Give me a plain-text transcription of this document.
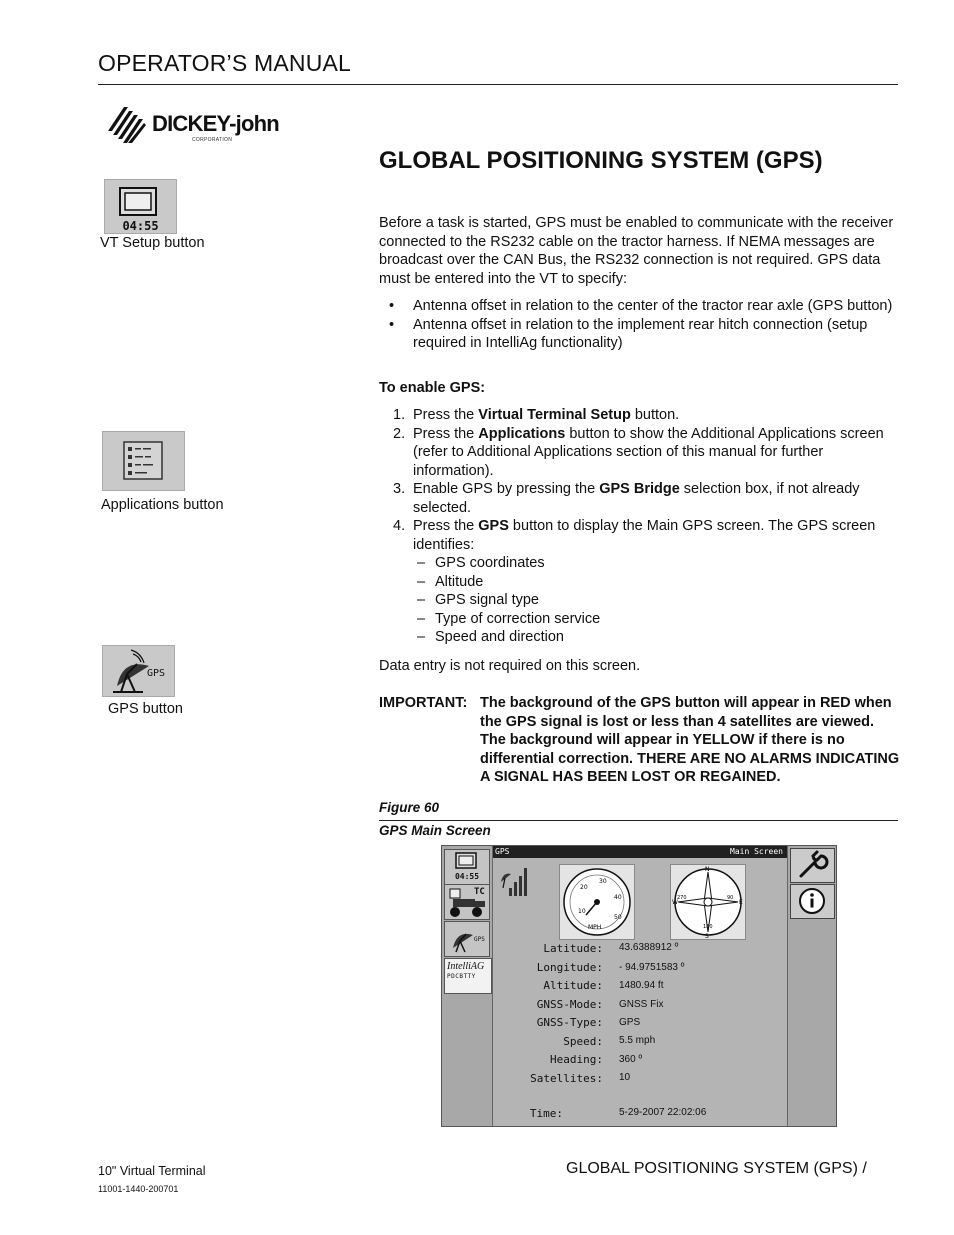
OPERATOR’S MANUAL
DICKEY-john
CORPORATION
GLOBAL POSITIONING SYSTEM (GPS)
04:55
VT Setup button
Applications button
GPS
GPS button
Before a task is started, GPS must be enabled to communicate with the receiver connected to the RS232 cable on the tractor harness. If NEMA messages are broadcast over the CAN Bus, the RS232 connection is not required. GPS data must be entered into the VT to specify:
• Antenna offset in relation to the center of the tractor rear axle (GPS button)
• Antenna offset in relation to the implement rear hitch connection (setup required in IntelliAg functionality)
To enable GPS:
1. Press the Virtual Terminal Setup button.
2. Press the Applications button to show the Additional Applications screen (refer to Additional Applications section of this manual for further information).
3. Enable GPS by pressing the GPS Bridge selection box, if not already selected.
4. Press the GPS button to display the Main GPS screen. The GPS screen identifies:
– GPS coordinates
– Altitude
– GPS signal type
– Type of correction service
– Speed and direction
Data entry is not required on this screen.
IMPORTANT: The background of the GPS button will appear in RED when the GPS signal is lost or less than 4 satellites are viewed. The background will appear in YELLOW if there is no differential correction. THERE ARE NO ALARMS INDICATING A SIGNAL HAS BEEN LOST OR REGAINED.
Figure 60
GPS Main Screen
04:55
TC
GPS
IntelliAG
PDCBTTY
GPS	Main Screen
10
20
30
40
50
MPH
N
S
W	E
270	90
180
Latitude: 43.6388912 º
Longitude: - 94.9751583 º
Altitude: 1480.94 ft
GNSS-Mode: GNSS Fix
GNSS-Type: GPS
Speed: 5.5 mph
Heading: 360 º
Satellites: 10
Time:	5-29-2007 22:02:06
10" Virtual Terminal
11001-1440-200701
GLOBAL POSITIONING SYSTEM (GPS) /
